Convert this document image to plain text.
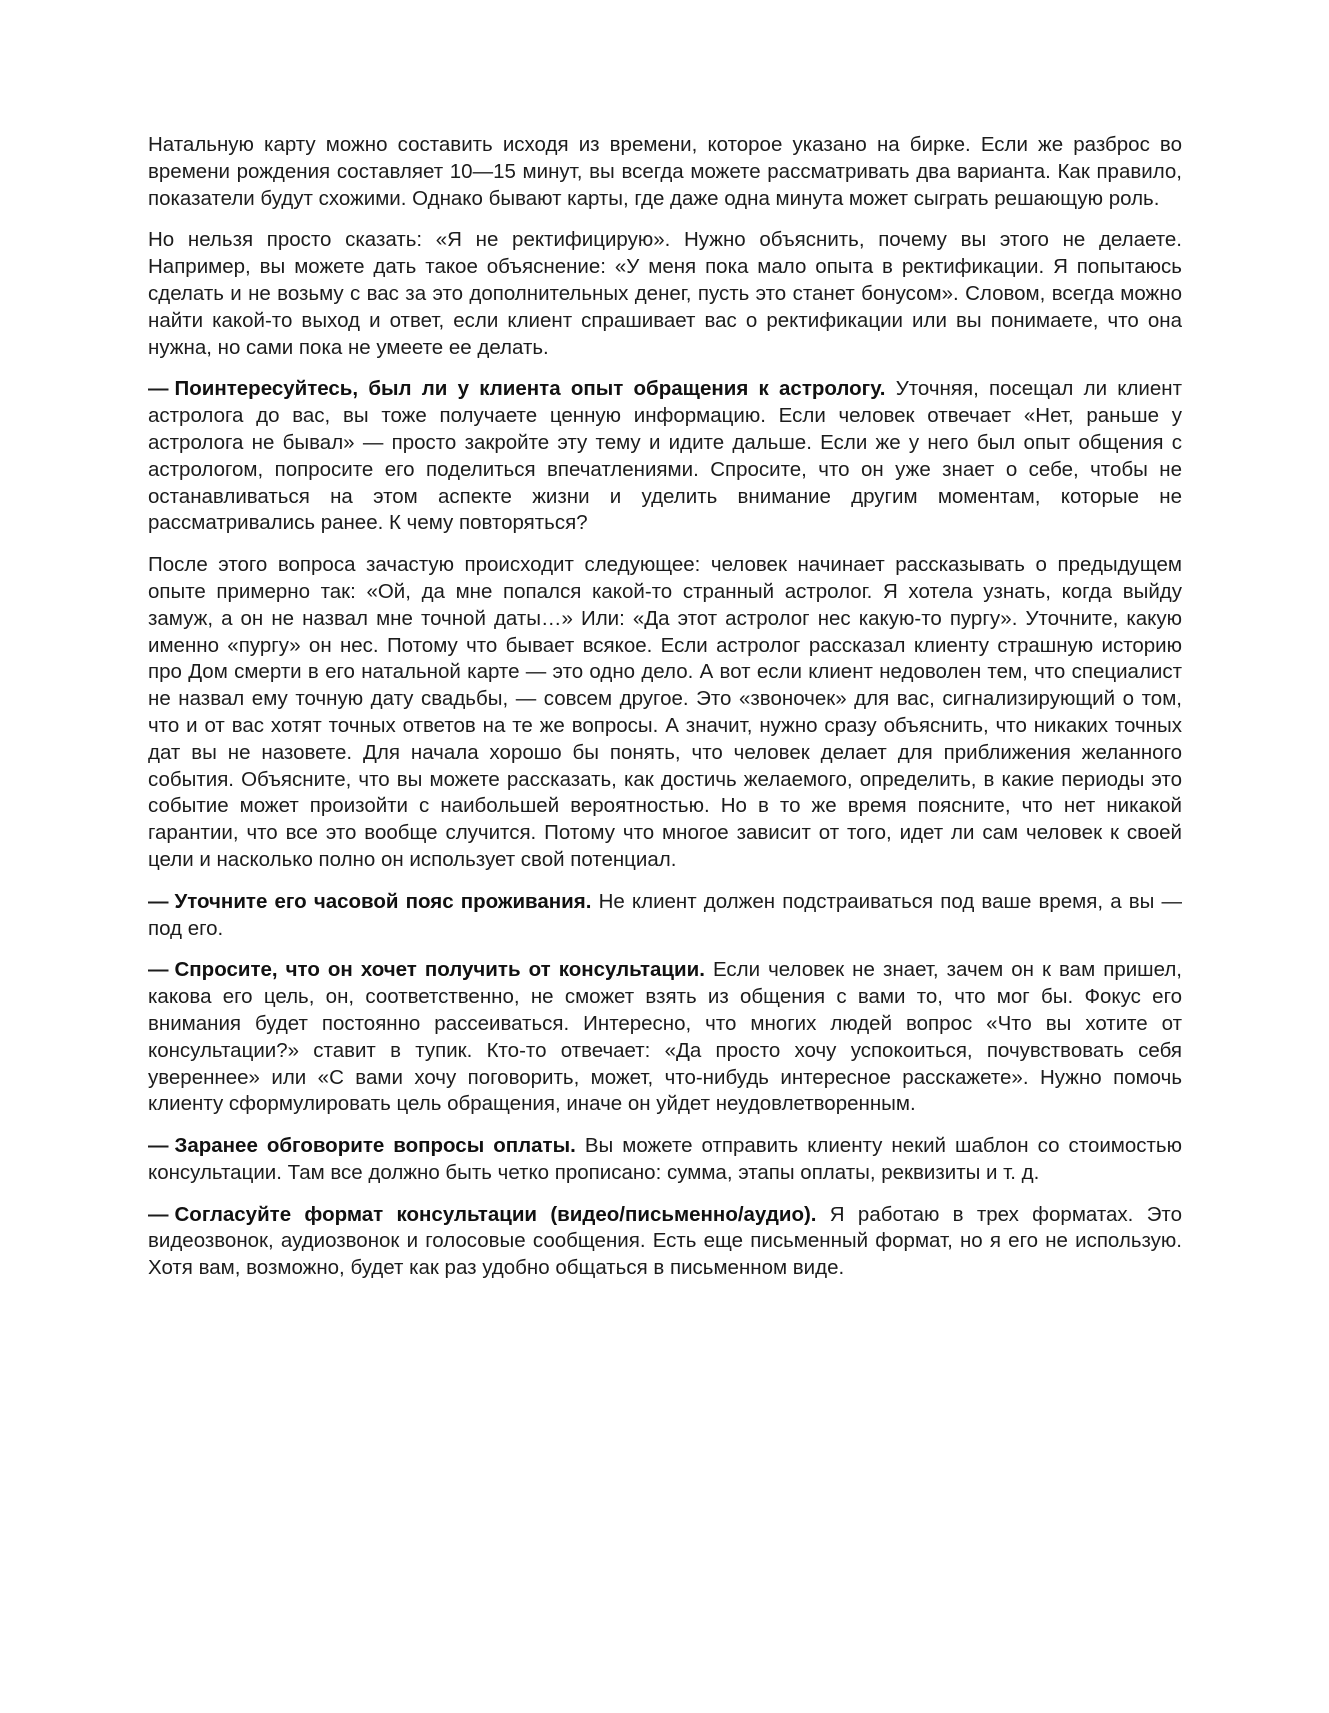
Натальную карту можно составить исходя из времени, которое указано на бирке. Если же разброс во времени рождения составляет 10—15 минут, вы всегда можете рассматривать два варианта. Как правило, показатели будут схожими. Однако бывают карты, где даже одна минута может сыграть решающую роль.

Но нельзя просто сказать: «Я не ректифицирую». Нужно объяснить, почему вы этого не делаете. Например, вы можете дать такое объяснение: «У меня пока мало опыта в ректификации. Я попытаюсь сделать и не возьму с вас за это дополнительных денег, пусть это станет бонусом». Словом, всегда можно найти какой-то выход и ответ, если клиент спрашивает вас о ректификации или вы понимаете, что она нужна, но сами пока не умеете ее делать.

— Поинтересуйтесь, был ли у клиента опыт обращения к астрологу. Уточняя, посещал ли клиент астролога до вас, вы тоже получаете ценную информацию. Если человек отвечает «Нет, раньше у астролога не бывал» — просто закройте эту тему и идите дальше. Если же у него был опыт общения с астрологом, попросите его поделиться впечатлениями. Спросите, что он уже знает о себе, чтобы не останавливаться на этом аспекте жизни и уделить внимание другим моментам, которые не рассматривались ранее. К чему повторяться?

После этого вопроса зачастую происходит следующее: человек начинает рассказывать о предыдущем опыте примерно так: «Ой, да мне попался какой-то странный астролог. Я хотела узнать, когда выйду замуж, а он не назвал мне точной даты…» Или: «Да этот астролог нес какую-то пургу». Уточните, какую именно «пургу» он нес. Потому что бывает всякое. Если астролог рассказал клиенту страшную историю про Дом смерти в его натальной карте — это одно дело. А вот если клиент недоволен тем, что специалист не назвал ему точную дату свадьбы, — совсем другое. Это «звоночек» для вас, сигнализирующий о том, что и от вас хотят точных ответов на те же вопросы. А значит, нужно сразу объяснить, что никаких точных дат вы не назовете. Для начала хорошо бы понять, что человек делает для приближения желанного события. Объясните, что вы можете рассказать, как достичь желаемого, определить, в какие периоды это событие может произойти с наибольшей вероятностью. Но в то же время поясните, что нет никакой гарантии, что все это вообще случится. Потому что многое зависит от того, идет ли сам человек к своей цели и насколько полно он использует свой потенциал.

— Уточните его часовой пояс проживания. Не клиент должен подстраиваться под ваше время, а вы — под его.

— Спросите, что он хочет получить от консультации. Если человек не знает, зачем он к вам пришел, какова его цель, он, соответственно, не сможет взять из общения с вами то, что мог бы. Фокус его внимания будет постоянно рассеиваться. Интересно, что многих людей вопрос «Что вы хотите от консультации?» ставит в тупик. Кто-то отвечает: «Да просто хочу успокоиться, почувствовать себя увереннее» или «С вами хочу поговорить, может, что-нибудь интересное расскажете». Нужно помочь клиенту сформулировать цель обращения, иначе он уйдет неудовлетворенным.

— Заранее обговорите вопросы оплаты. Вы можете отправить клиенту некий шаблон со стоимостью консультации. Там все должно быть четко прописано: сумма, этапы оплаты, реквизиты и т. д.

— Согласуйте формат консультации (видео/письменно/аудио). Я работаю в трех форматах. Это видеозвонок, аудиозвонок и голосовые сообщения. Есть еще письменный формат, но я его не использую. Хотя вам, возможно, будет как раз удобно общаться в письменном виде.
